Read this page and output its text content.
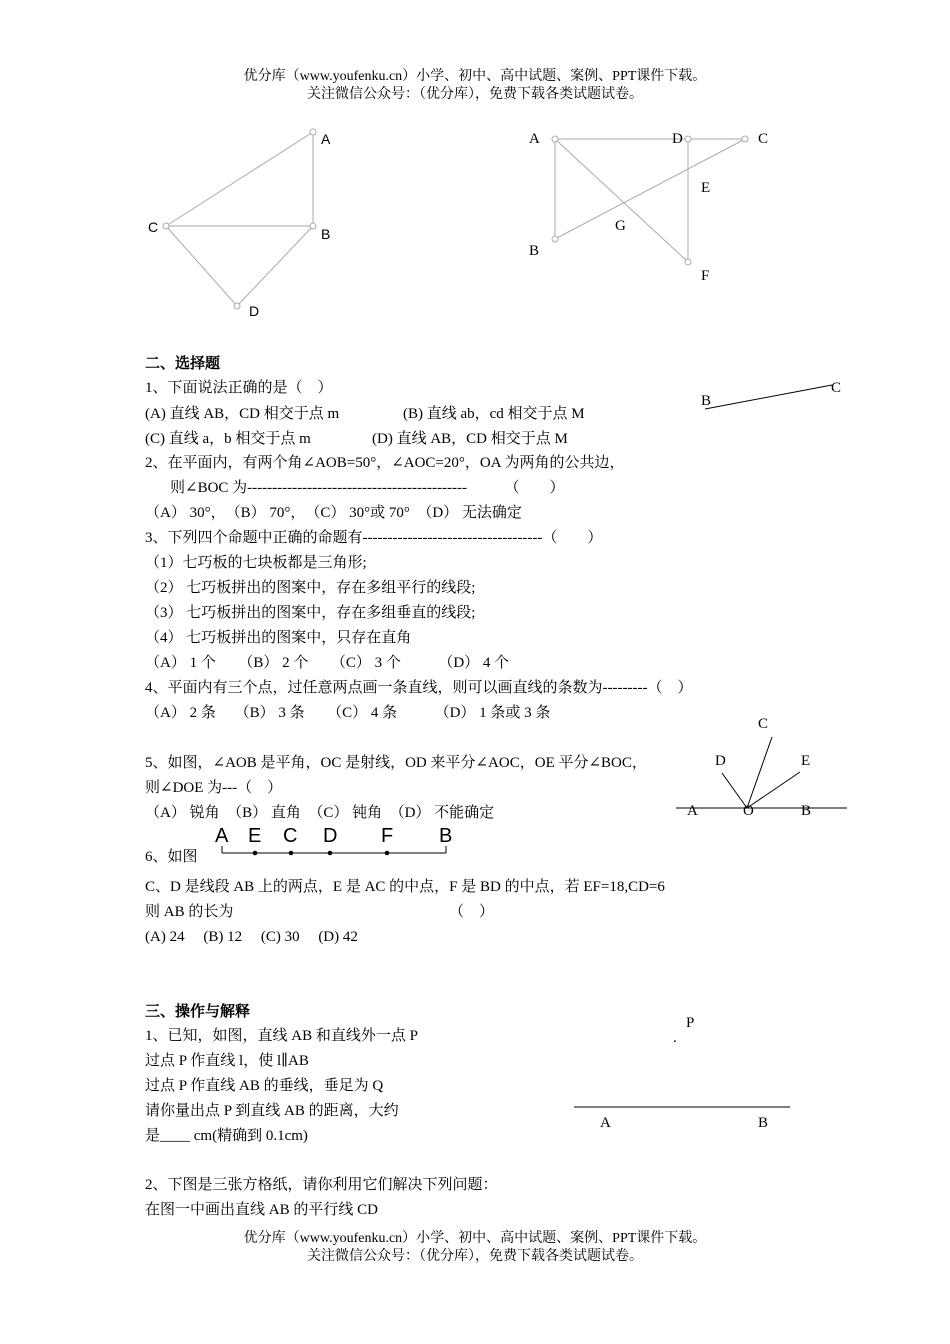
优分库（www.youfenku.cn）小学、初中、高中试题、案例、PPT课件下载。
关注微信公众号：（优分库），免费下载各类试题试卷。
A
C	B
D
A	D	C
E
G
B
F
二、选择题
1、下面说法正确的是（　）
(A) 直线 AB，CD 相交于点 m	(B) 直线 ab，cd 相交于点 M
(C) 直线 a，b 相交于点 m	(D) 直线 AB，CD 相交于点 M
B
C
2、在平面内，有两个角∠AOB=50°，∠AOC=20°，OA 为两角的公共边，
则∠BOC 为--------------------------------------------　　　（　　）
（A） 30°，　（B） 70°，　（C） 30°或 70°　（D） 无法确定
3、下列四个命题中正确的命题有------------------------------------（　　）
（1）七巧板的七块板都是三角形;
（2） 七巧板拼出的图案中，存在多组平行的线段;
（3） 七巧板拼出的图案中，存在多组垂直的线段;
（4） 七巧板拼出的图案中，只存在直角
（A） 1 个　　（B） 2 个　　（C） 3 个　　　（D） 4 个
4、平面内有三个点，过任意两点画一条直线，则可以画直线的条数为---------（　）
（A） 2 条　 （B） 3 条　　（C） 4 条　　　（D） 1 条或 3 条
5、如图，∠AOB 是平角，OC 是射线，OD 来平分∠AOC，OE 平分∠BOC，
则∠DOE 为---（　）
（A） 锐角　（B） 直角　（C） 钝角　（D） 不能确定
C
D	E
A	O	B
6、如图
A E C D F B
C、D 是线段 AB 上的两点，E 是 AC 的中点，F 是 BD 的中点，若 EF=18,CD=6
则 AB 的长为	（　）
(A) 24　 (B) 12　 (C) 30　 (D) 42
三、操作与解释
1、已知，如图，直线 AB 和直线外一点 P
过点 P 作直线 l，使 l∥AB
过点 P 作直线 AB 的垂线，垂足为 Q
请你量出点 P 到直线 AB 的距离，大约
是____ cm(精确到 0.1cm)
P
.
A	B
2、下图是三张方格纸，请你利用它们解决下列问题：
在图一中画出直线 AB 的平行线 CD
优分库（www.youfenku.cn）小学、初中、高中试题、案例、PPT课件下载。
关注微信公众号：（优分库），免费下载各类试题试卷。
